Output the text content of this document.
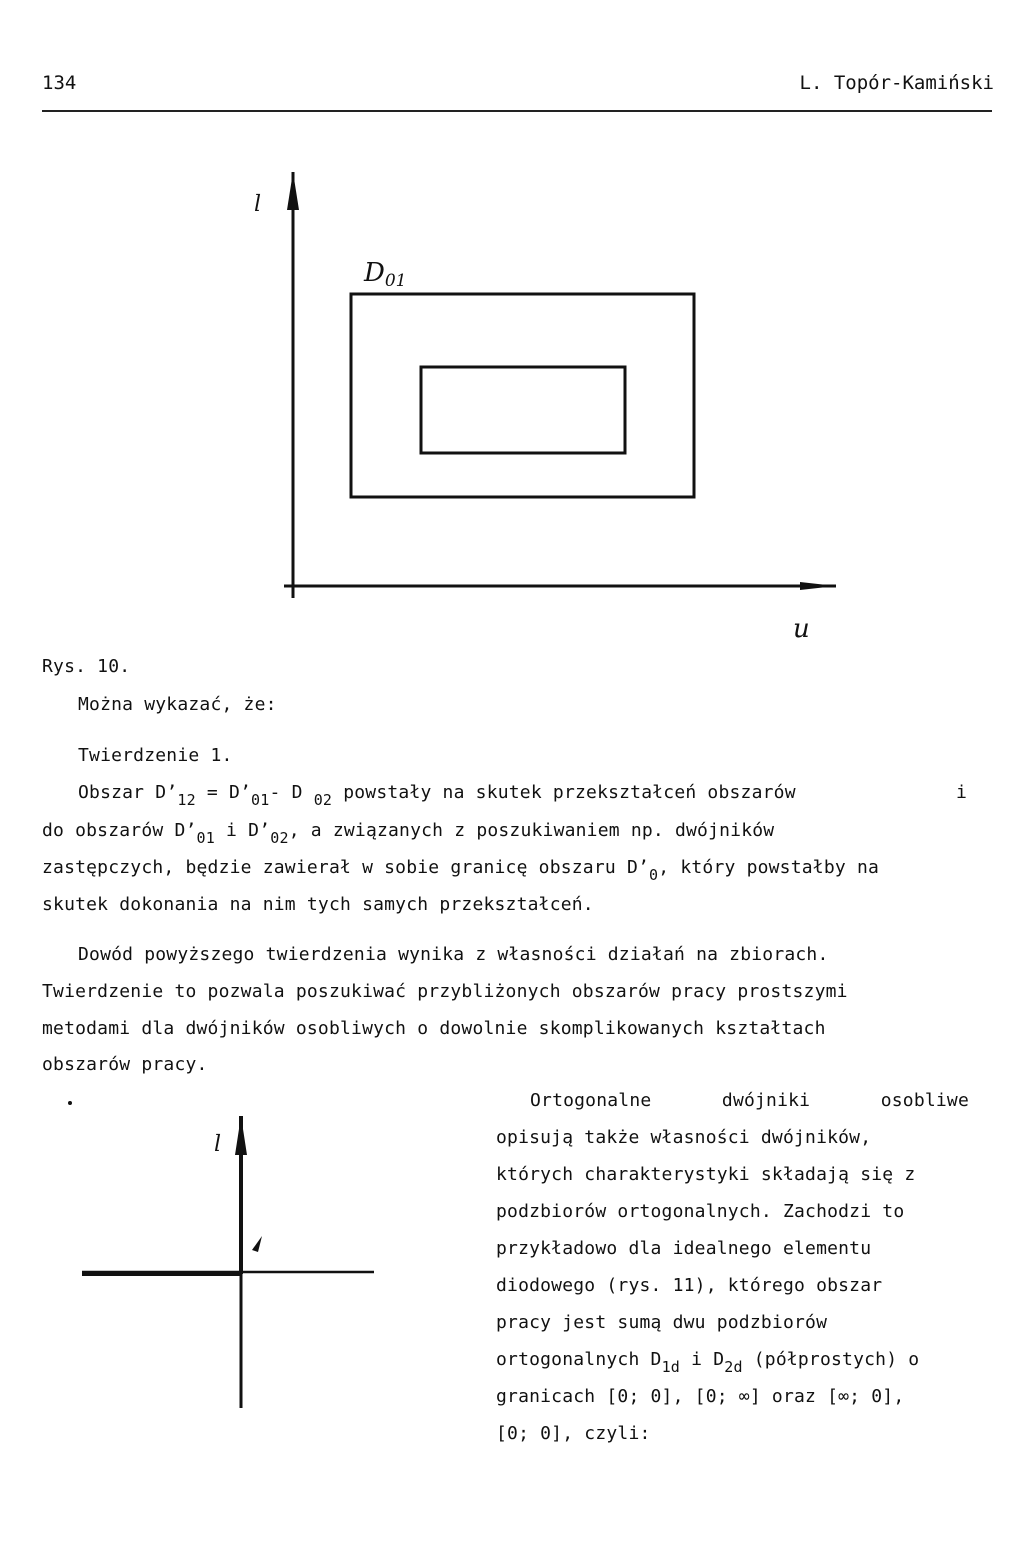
134	L. Topór-Kamiński
l
$D_{01}$
u
Rys. 10.
Można wykazać, że:
Twierdzenie 1.
Obszar $D’_{12}$ = $D’_{01}-$ D $_{02}$ powstały na skutek przekształceń obszarów	i
do obszarów $D’_{01}$ i $D’_{02}$, a związanych z poszukiwaniem np. dwójników
zastępczych, będzie zawierał w sobie granicę obszaru $D’_0$, który powstałby na
skutek dokonania na nim tych samych przekształceń.
Dowód powyższego twierdzenia wynika z własności działań na zbiorach.
Twierdzenie to pozwala poszukiwać przybliżonych obszarów pracy prostszymi
metodami dla dwójników osobliwych o dowolnie skomplikowanych kształtach
obszarów pracy.
l
Ortogonalne	dwójniki	osobliwe
opisują także własności dwójników,
których charakterystyki składają się z
podzbiorów ortogonalnych. Zachodzi to
przykładowo dla idealnego elementu
diodowego (rys. 11), którego obszar
pracy jest sumą dwu podzbiorów
ortogonalnych $D_{1d}$ i $D_{2d}$ (półprostych) o
granicach [0; 0], [0; ∞] oraz [∞; 0],
[0; 0], czyli:
